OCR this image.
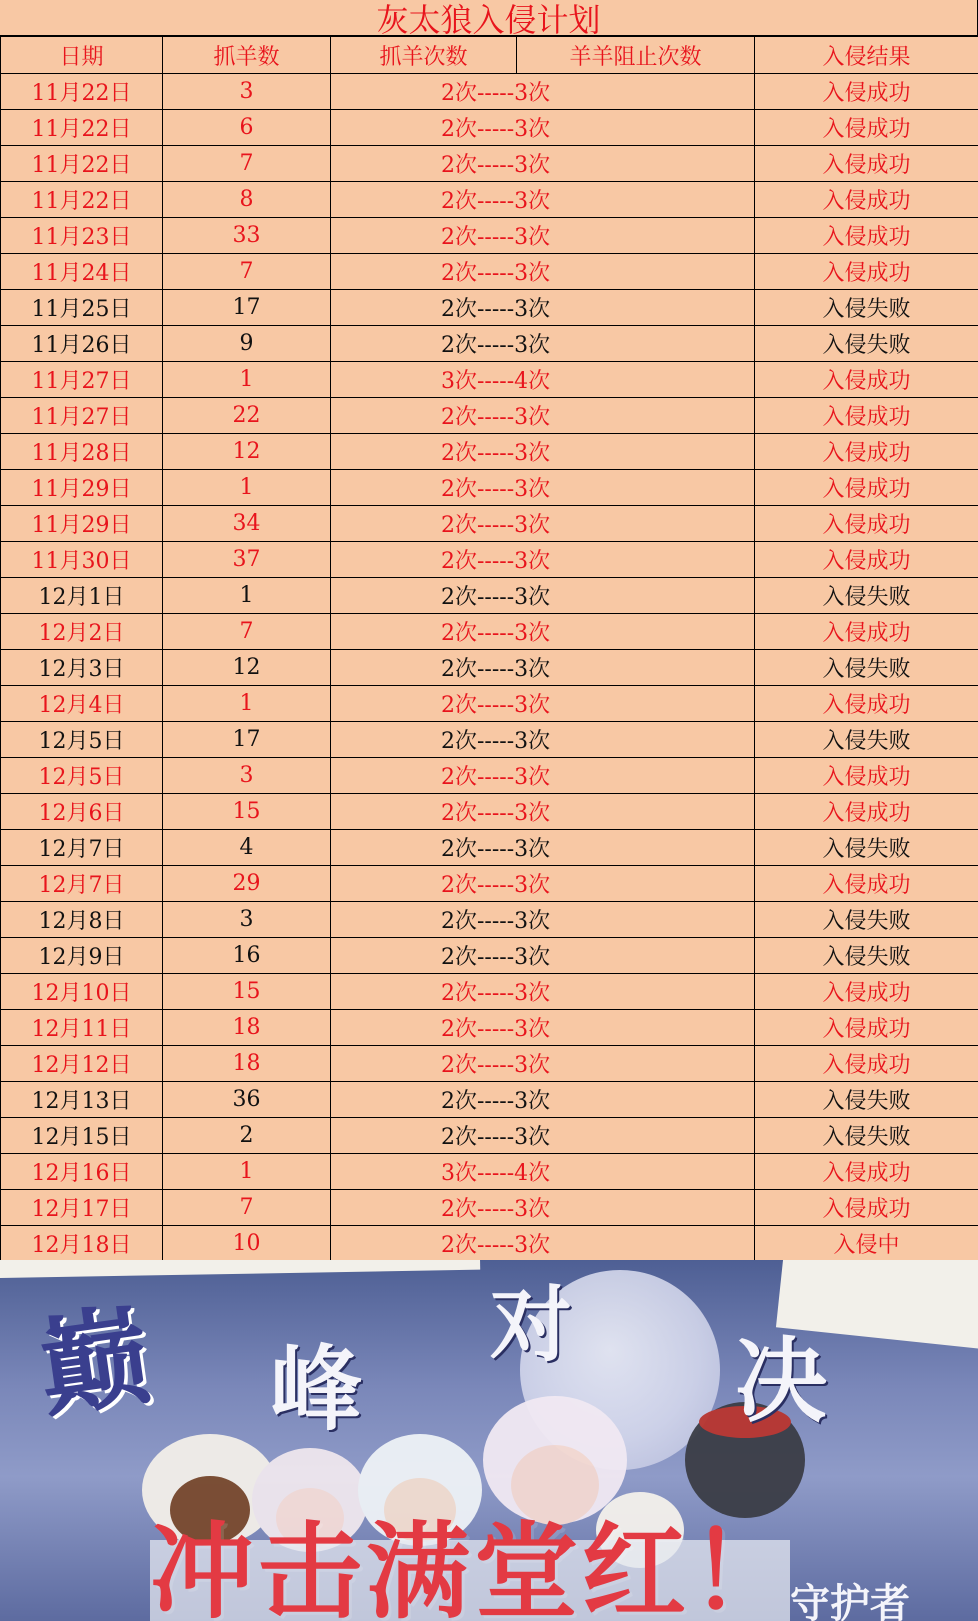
灰太狼入侵计划
日期	抓羊数	抓羊次数	羊羊阻止次数	入侵结果
11月22日	3	2次-----3次		入侵成功
11月22日	6	2次-----3次		入侵成功
11月22日	7	2次-----3次		入侵成功
11月22日	8	2次-----3次		入侵成功
11月23日	33	2次-----3次		入侵成功
11月24日	7	2次-----3次		入侵成功
11月25日	17	2次-----3次		入侵失败
11月26日	9	2次-----3次		入侵失败
11月27日	1	3次-----4次		入侵成功
11月27日	22	2次-----3次		入侵成功
11月28日	12	2次-----3次		入侵成功
11月29日	1	2次-----3次		入侵成功
11月29日	34	2次-----3次		入侵成功
11月30日	37	2次-----3次		入侵成功
12月1日	1	2次-----3次		入侵失败
12月2日	7	2次-----3次		入侵成功
12月3日	12	2次-----3次		入侵失败
12月4日	1	2次-----3次		入侵成功
12月5日	17	2次-----3次		入侵失败
12月5日	3	2次-----3次		入侵成功
12月6日	15	2次-----3次		入侵成功
12月7日	4	2次-----3次		入侵失败
12月7日	29	2次-----3次		入侵成功
12月8日	3	2次-----3次		入侵失败
12月9日	16	2次-----3次		入侵失败
12月10日	15	2次-----3次		入侵成功
12月11日	18	2次-----3次		入侵成功
12月12日	18	2次-----3次		入侵成功
12月13日	36	2次-----3次		入侵失败
12月15日	2	2次-----3次		入侵失败
12月16日	1	3次-----4次		入侵成功
12月17日	7	2次-----3次		入侵成功
12月18日	10	2次-----3次		入侵中
巅 峰
对
决
冲击满堂红！
守护者
